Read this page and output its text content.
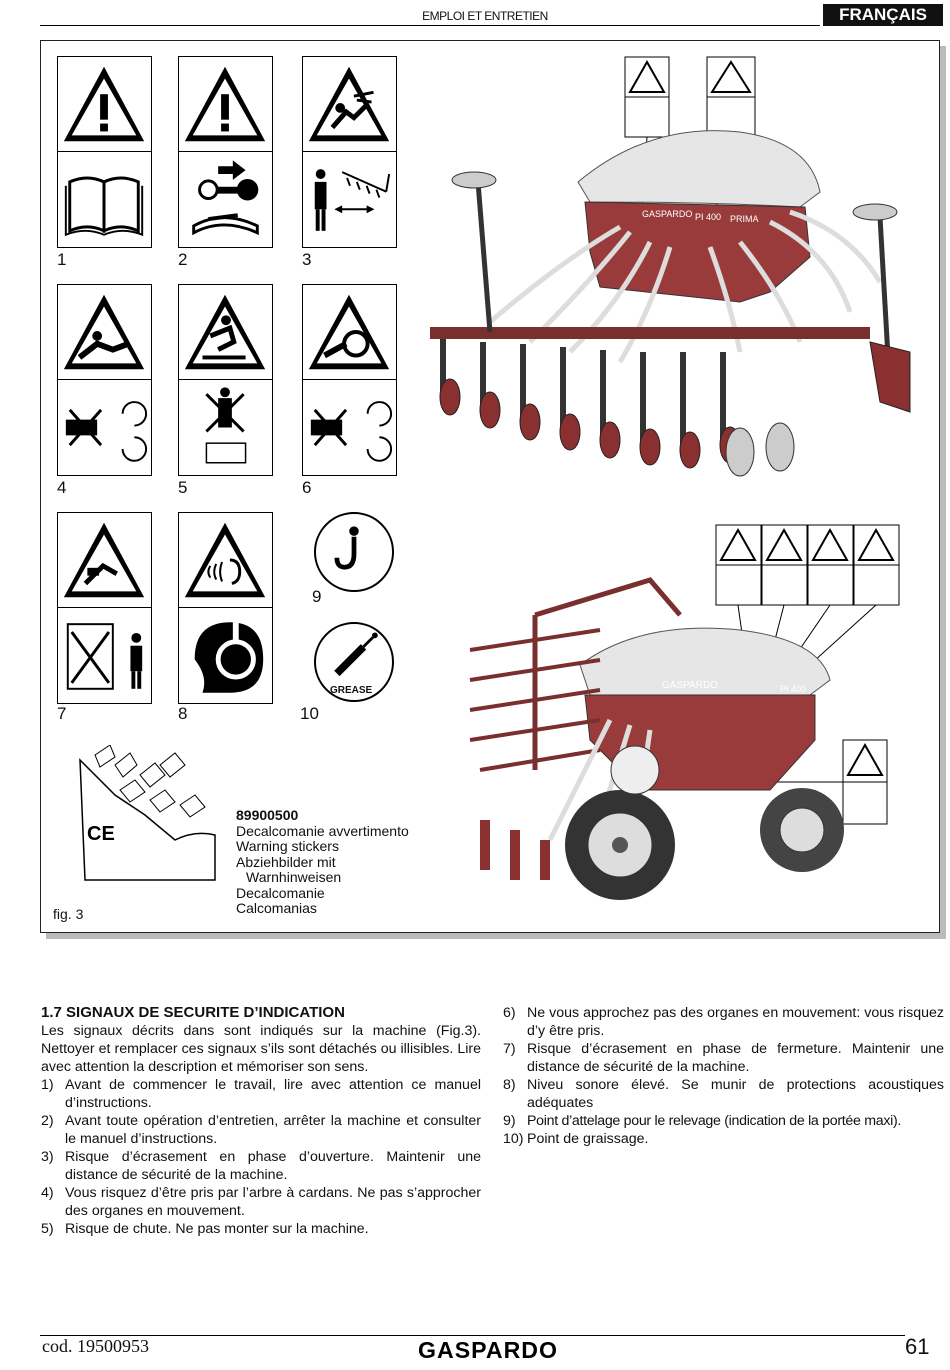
EMPLOI ET ENTRETIEN	FRANÇAIS
1	2	3
4	5	6
7	8
9
GREASE
10
CE
89900500
Decalcomanie avvertimento
Warning stickers
Abziehbilder mit
Warnhinweisen
Decalcomanie
Calcomanias
fig. 3
GASPARDO PI 400 PRIMA
GASPARDO	PI 400
1.7 SIGNAUX DE SECURITE D’INDICATION
Les signaux décrits dans sont indiqués sur la machine (Fig.3). Nettoyer et remplacer ces signaux s’ils sont détachés ou illisibles. Lire avec attention la description et mémoriser son sens.
1) Avant de commencer le travail, lire avec attention ce manuel d’instructions.
2) Avant toute opération d’entretien, arrêter la machine et consulter le manuel d’instructions.
3) Risque d’écrasement en phase d’ouverture. Maintenir une distance de sécurité de la machine.
4) Vous risquez d’être pris par l’arbre à cardans. Ne pas s’approcher des organes en mouvement.
5) Risque de chute. Ne pas monter sur la machine.
6) Ne vous approchez pas des organes en mouvement: vous risquez d’y être pris.
7) Risque d’écrasement en phase de fermeture. Maintenir une distance de sécurité de la machine.
8) Niveu sonore élevé. Se munir de protections acoustiques adéquates
9) Point d’attelage pour le relevage (indication de la portée maxi).
10) Point de graissage.
cod. 19500953	GASPARDO	61
